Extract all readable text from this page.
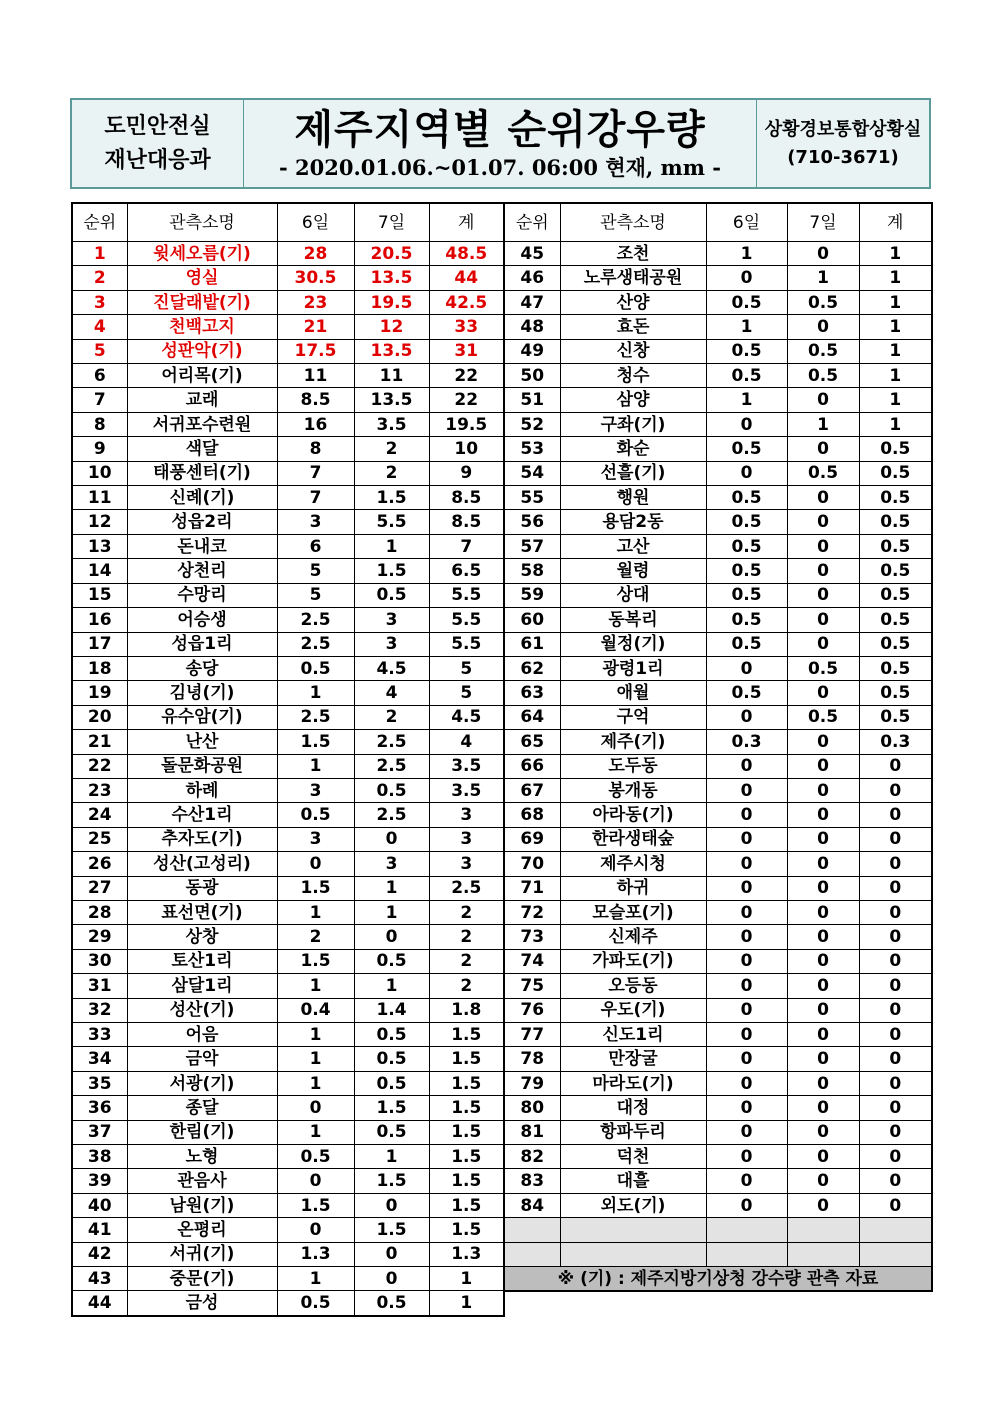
도민안전실
재난대응과
제주지역별 순위강우량
- 2020.01.06.~01.07. 06:00 현재, mm -
상황경보통합상황실
(710-3671)
순위	관측소명	6일	7일	계
1	윗세오름(기)	28	20.5	48.5
2	영실	30.5	13.5	44
3	진달래밭(기)	23	19.5	42.5
4	천백고지	21	12	33
5	성판악(기)	17.5	13.5	31
6	어리목(기)	11	11	22
7	교래	8.5	13.5	22
8	서귀포수련원	16	3.5	19.5
9	색달	8	2	10
10	태풍센터(기)	7	2	9
11	신례(기)	7	1.5	8.5
12	성읍2리	3	5.5	8.5
13	돈내코	6	1	7
14	상천리	5	1.5	6.5
15	수망리	5	0.5	5.5
16	어승생	2.5	3	5.5
17	성읍1리	2.5	3	5.5
18	송당	0.5	4.5	5
19	김녕(기)	1	4	5
20	유수암(기)	2.5	2	4.5
21	난산	1.5	2.5	4
22	돌문화공원	1	2.5	3.5
23	하례	3	0.5	3.5
24	수산1리	0.5	2.5	3
25	추자도(기)	3	0	3
26	성산(고성리)	0	3	3
27	동광	1.5	1	2.5
28	표선면(기)	1	1	2
29	상창	2	0	2
30	토산1리	1.5	0.5	2
31	삼달1리	1	1	2
32	성산(기)	0.4	1.4	1.8
33	어음	1	0.5	1.5
34	금악	1	0.5	1.5
35	서광(기)	1	0.5	1.5
36	종달	0	1.5	1.5
37	한림(기)	1	0.5	1.5
38	노형	0.5	1	1.5
39	관음사	0	1.5	1.5
40	남원(기)	1.5	0	1.5
41	온평리	0	1.5	1.5
42	서귀(기)	1.3	0	1.3
43	중문(기)	1	0	1
44	금성	0.5	0.5	1
순위	관측소명	6일	7일	계
45	조천	1	0	1
46	노루생태공원	0	1	1
47	산양	0.5	0.5	1
48	효돈	1	0	1
49	신창	0.5	0.5	1
50	청수	0.5	0.5	1
51	삼양	1	0	1
52	구좌(기)	0	1	1
53	화순	0.5	0	0.5
54	선흘(기)	0	0.5	0.5
55	행원	0.5	0	0.5
56	용담2동	0.5	0	0.5
57	고산	0.5	0	0.5
58	월령	0.5	0	0.5
59	상대	0.5	0	0.5
60	동복리	0.5	0	0.5
61	월정(기)	0.5	0	0.5
62	광령1리	0	0.5	0.5
63	애월	0.5	0	0.5
64	구억	0	0.5	0.5
65	제주(기)	0.3	0	0.3
66	도두동	0	0	0
67	봉개동	0	0	0
68	아라동(기)	0	0	0
69	한라생태숲	0	0	0
70	제주시청	0	0	0
71	하귀	0	0	0
72	모슬포(기)	0	0	0
73	신제주	0	0	0
74	가파도(기)	0	0	0
75	오등동	0	0	0
76	우도(기)	0	0	0
77	신도1리	0	0	0
78	만장굴	0	0	0
79	마라도(기)	0	0	0
80	대정	0	0	0
81	항파두리	0	0	0
82	덕천	0	0	0
83	대흘	0	0	0
84	외도(기)	0	0	0

※ (기) : 제주지방기상청 강수량 관측 자료				
